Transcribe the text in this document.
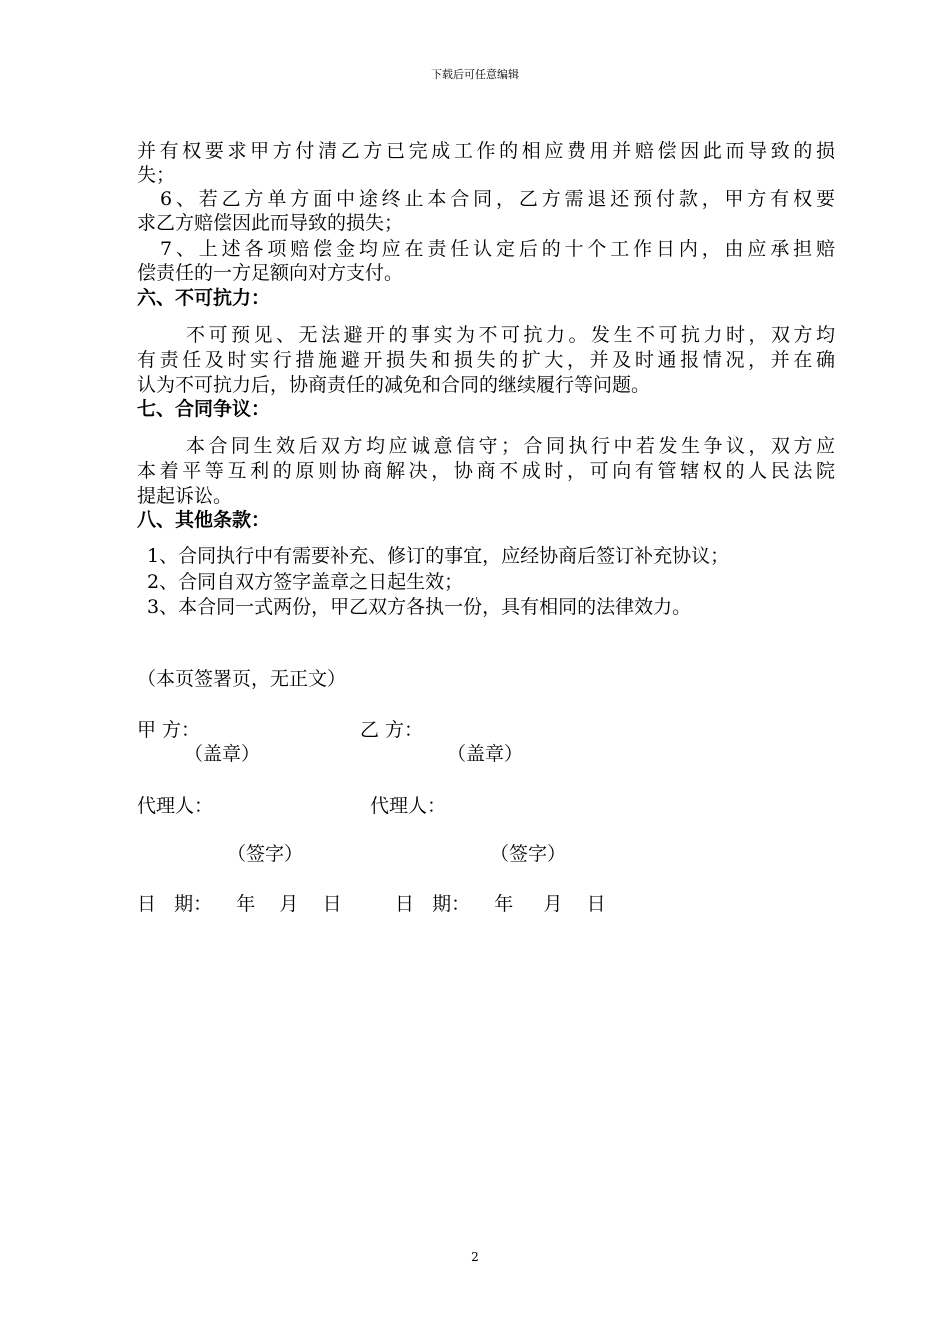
下载后可任意编辑
并有权要求甲方付清乙方已完成工作的相应费用并赔偿因此而导致的损
失；
6、若乙方单方面中途终止本合同，乙方需退还预付款，甲方有权要
求乙方赔偿因此而导致的损失；
7、上述各项赔偿金均应在责任认定后的十个工作日内，由应承担赔
偿责任的一方足额向对方支付。
六、不可抗力：
不可预见、无法避开的事实为不可抗力。发生不可抗力时，双方均
有责任及时实行措施避开损失和损失的扩大，并及时通报情况，并在确
认为不可抗力后，协商责任的减免和合同的继续履行等问题。
七、合同争议：
本合同生效后双方均应诚意信守；合同执行中若发生争议，双方应
本着平等互利的原则协商解决，协商不成时，可向有管辖权的人民法院
提起诉讼。
八、其他条款：
1、合同执行中有需要补充、修订的事宜，应经协商后签订补充协议；
2、合同自双方签字盖章之日起生效；
3、本合同一式两份，甲乙双方各执一份，具有相同的法律效力。
（本页签署页，无正文）
甲 方：	乙 方：
（盖章）	（盖章）
代理人：	代理人：
（签字）	（签字）
日   期：    年    月    日	日   期：    年     月    日
2
